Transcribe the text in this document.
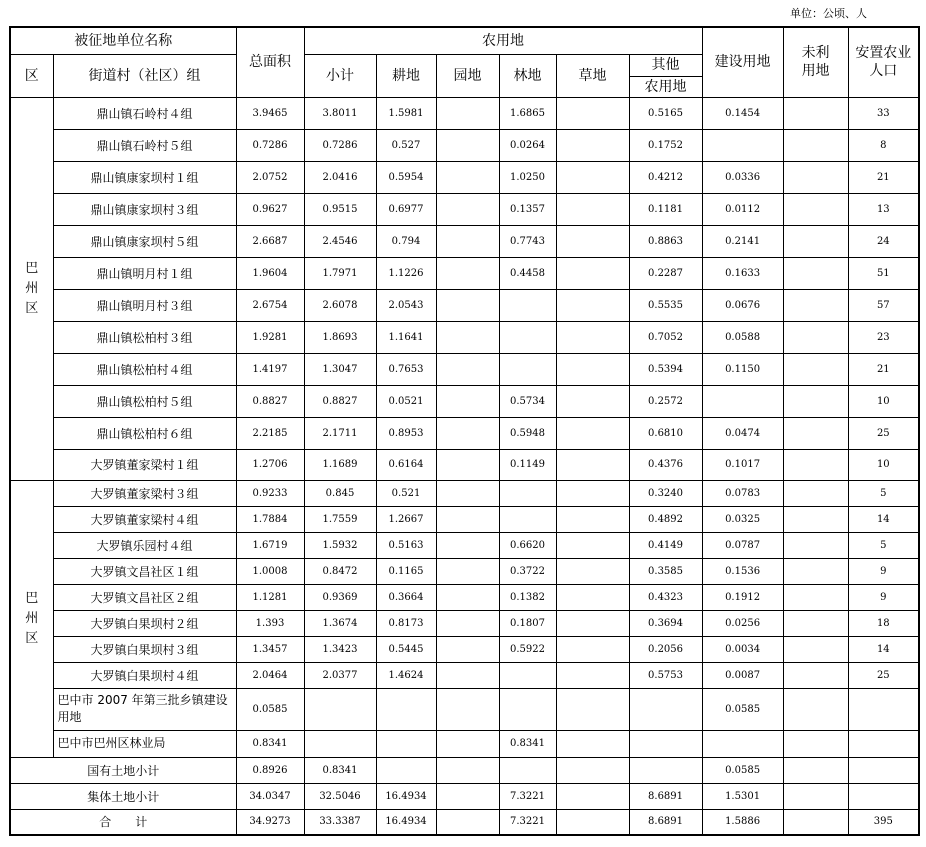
单位：公顷、人
被征地单位名称		总面积	农用地						建设用地	未利用地	安置农业人口
区	街道村（社区）组		小计	耕地	园地	林地	草地	其他
农用地			

巴州区	鼎山镇石岭村４组	3.9465	3.8011	1.5981		1.6865		0.5165	0.1454		33
	鼎山镇石岭村５组	0.7286	0.7286	0.527		0.0264		0.1752			8
	鼎山镇康家坝村１组	2.0752	2.0416	0.5954		1.0250		0.4212	0.0336		21
	鼎山镇康家坝村３组	0.9627	0.9515	0.6977		0.1357		0.1181	0.0112		13
	鼎山镇康家坝村５组	2.6687	2.4546	0.794		0.7743		0.8863	0.2141		24
	鼎山镇明月村１组	1.9604	1.7971	1.1226		0.4458		0.2287	0.1633		51
	鼎山镇明月村３组	2.6754	2.6078	2.0543				0.5535	0.0676		57
	鼎山镇松柏村３组	1.9281	1.8693	1.1641				0.7052	0.0588		23
	鼎山镇松柏村４组	1.4197	1.3047	0.7653				0.5394	0.1150		21
	鼎山镇松柏村５组	0.8827	0.8827	0.0521		0.5734		0.2572			10
	鼎山镇松柏村６组	2.2185	2.1711	0.8953		0.5948		0.6810	0.0474		25
	大罗镇董家梁村１组	1.2706	1.1689	0.6164		0.1149		0.4376	0.1017		10
巴州区	大罗镇董家梁村３组	0.9233	0.845	0.521				0.3240	0.0783		5
	大罗镇董家梁村４组	1.7884	1.7559	1.2667				0.4892	0.0325		14
	大罗镇乐园村４组	1.6719	1.5932	0.5163		0.6620		0.4149	0.0787		5
	大罗镇文昌社区１组	1.0008	0.8472	0.1165		0.3722		0.3585	0.1536		9
	大罗镇文昌社区２组	1.1281	0.9369	0.3664		0.1382		0.4323	0.1912		9
	大罗镇白果坝村２组	1.393	1.3674	0.8173		0.1807		0.3694	0.0256		18
	大罗镇白果坝村３组	1.3457	1.3423	0.5445		0.5922		0.2056	0.0034		14
	大罗镇白果坝村４组	2.0464	2.0377	1.4624				0.5753	0.0087		25
	巴中市 2007 年第三批乡镇建设用地	0.0585							0.0585		
	巴中市巴州区林业局	0.8341				0.8341					
国有土地小计		0.8926	0.8341						0.0585		
集体土地小计		34.0347	32.5046	16.4934		7.3221		8.6891	1.5301		
合　　计		34.9273	33.3387	16.4934		7.3221		8.6891	1.5886		395
